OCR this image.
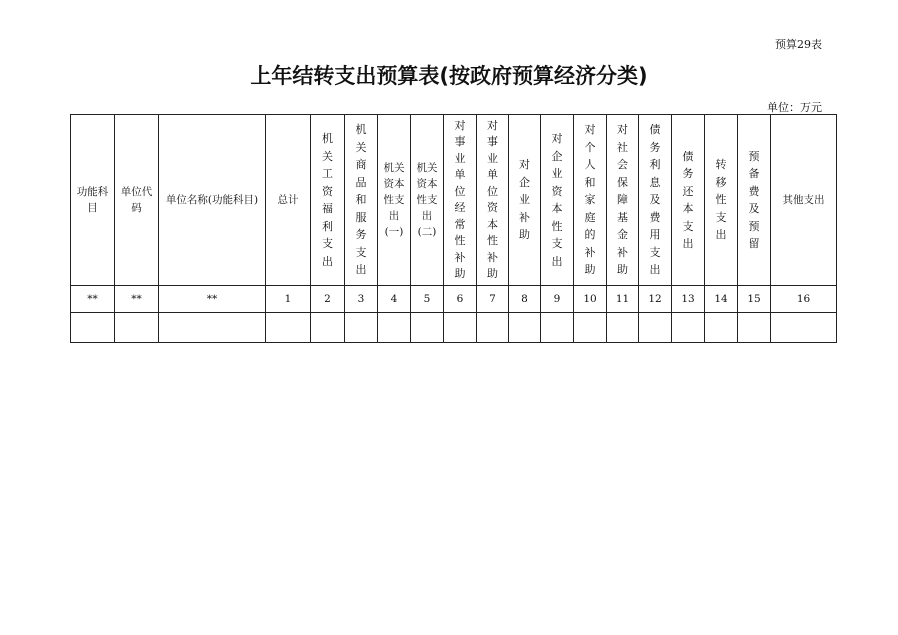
预算29表
上年结转支出预算表(按政府预算经济分类)
单位：万元
功能科目	单位代码	单位名称(功能科目)	总计	机关工资福利支出	机关商品和服务支出	机关资本性支出(一)	机关资本性支出(二)	对事业单位经常性补助	对事业单位资本性补助	对企业补助	对企业资本性支出	对个人和家庭的补助	对社会保障基金补助	债务利息及费用支出	债务还本支出	转移性支出	预备费及预留	其他支出
**	**	**	1	2	3	4	5	6	7	8	9	10	11	12	13	14	15	16
